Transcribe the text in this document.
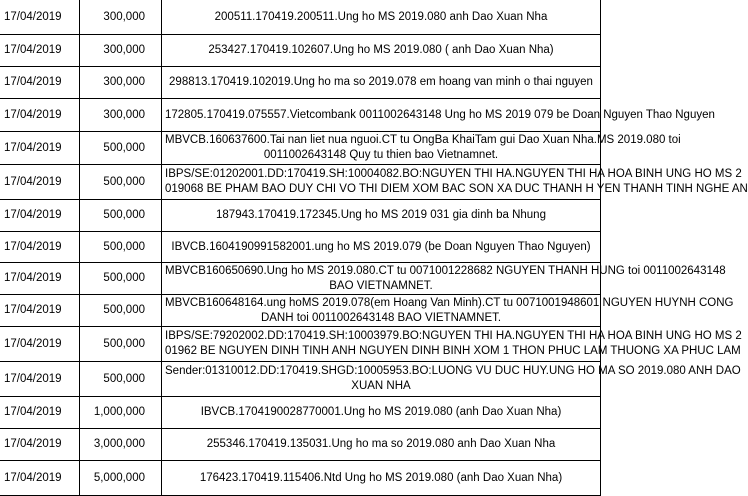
17/04/2019	300,000	200511.170419.200511.Ung ho MS 2019.080 anh Dao Xuan Nha

17/04/2019	300,000	253427.170419.102607.Ung ho MS 2019.080 ( anh Dao Xuan Nha)

17/04/2019	300,000	298813.170419.102019.Ung ho ma so 2019.078 em hoang van minh o thai nguyen

17/04/2019	300,000	172805.170419.075557.Vietcombank 0011002643148 Ung ho MS 2019 079 be Doan Nguyen Thao Nguyen

17/04/2019	500,000	MBVCB.160637600.Tai nan liet nua nguoi.CT tu OngBa KhaiTam gui Dao Xuan Nha.MS 2019.080 toi
0011002643148 Quy tu thien bao Vietnamnet.

17/04/2019	500,000	IBPS/SE:01202001.DD:170419.SH:10004082.BO:NGUYEN THI HA.NGUYEN THI HA HOA BINH UNG HO MS 2
019068 BE PHAM BAO DUY CHI VO THI DIEM XOM BAC SON XA DUC THANH H YEN THANH TINH NGHE AN

17/04/2019	500,000	187943.170419.172345.Ung ho MS 2019 031 gia dinh ba Nhung

17/04/2019	500,000	IBVCB.1604190991582001.ung ho MS 2019.079 (be Doan Nguyen Thao Nguyen)

17/04/2019	500,000	MBVCB160650690.Ung ho MS 2019.080.CT tu 0071001228682 NGUYEN THANH HUNG toi 0011002643148
BAO VIETNAMNET.

17/04/2019	500,000	MBVCB160648164.ung hoMS 2019.078(em Hoang Van Minh).CT tu 0071001948601 NGUYEN HUYNH CONG
DANH toi 0011002643148 BAO VIETNAMNET.

17/04/2019	500,000	IBPS/SE:79202002.DD:170419.SH:10003979.BO:NGUYEN THI HA.NGUYEN THI HA HOA BINH UNG HO MS 2
01962 BE NGUYEN DINH TINH ANH NGUYEN DINH BINH XOM 1 THON PHUC LAM THUONG XA PHUC LAM

17/04/2019	500,000	Sender:01310012.DD:170419.SHGD:10005953.BO:LUONG VU DUC HUY.UNG HO MA SO 2019.080 ANH DAO
XUAN NHA

17/04/2019	1,000,000	IBVCB.1704190028770001.Ung ho MS 2019.080 (anh Dao Xuan Nha)

17/04/2019	3,000,000	255346.170419.135031.Ung ho ma so 2019.080 anh Dao Xuan Nha

17/04/2019	5,000,000	176423.170419.115406.Ntd Ung ho MS 2019.080 (anh Dao Xuan Nha)
